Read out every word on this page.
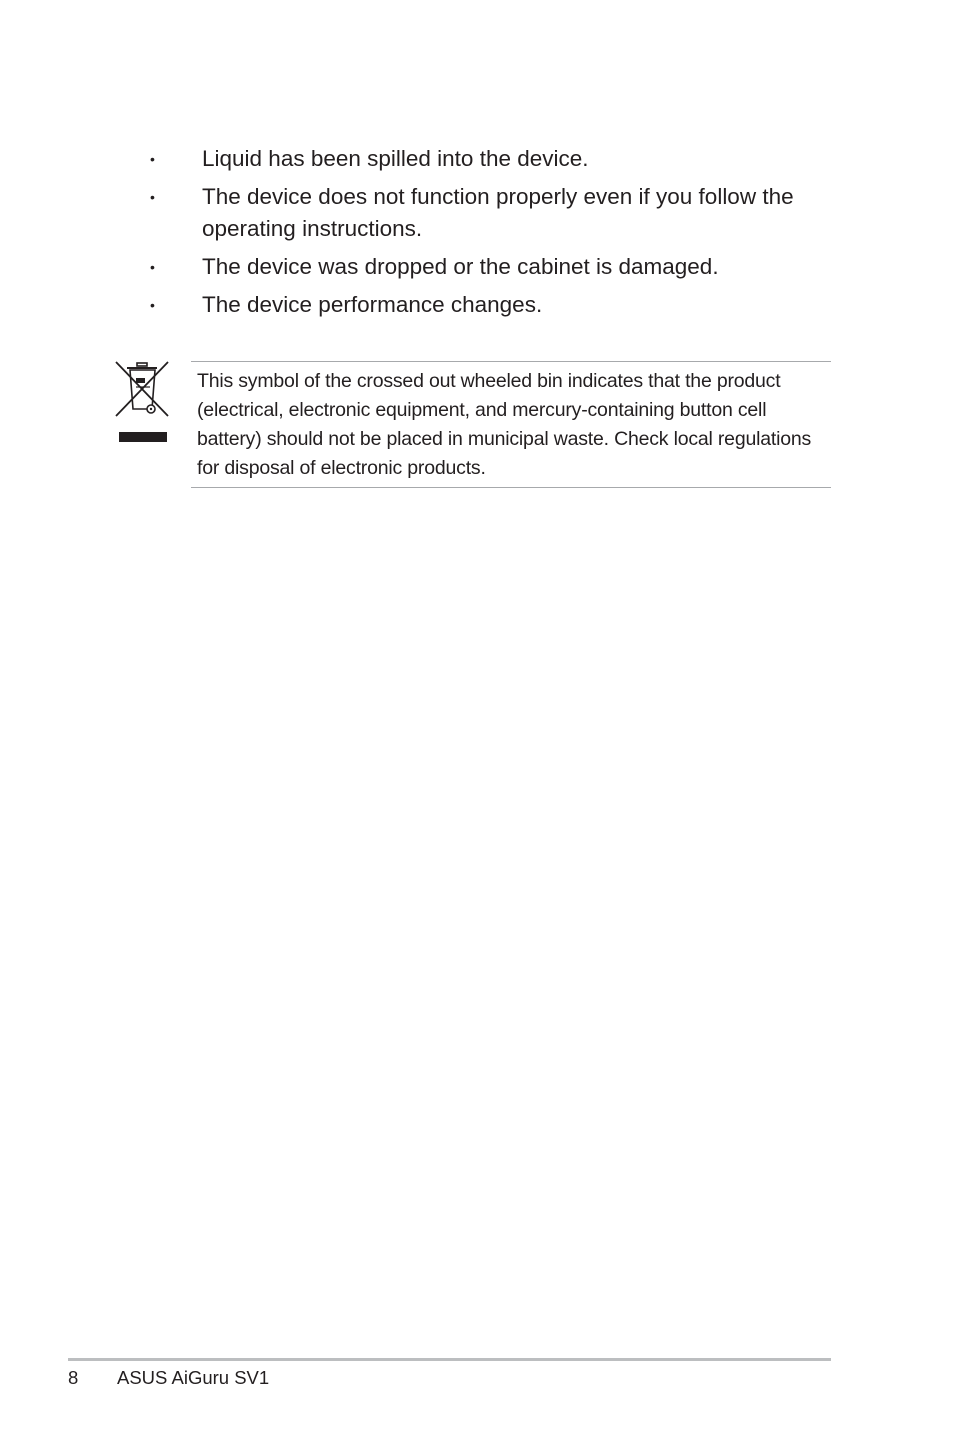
•	Liquid has been spilled into the device.
•	The device does not function properly even if you follow the operating instructions.
•	The device was dropped or the cabinet is damaged.
•	The device performance changes.

This symbol of the crossed out wheeled bin indicates that the product (electrical, electronic equipment, and mercury-containing button cell battery) should not be placed in municipal waste. Check local regulations for disposal of electronic products.

8 ASUS AiGuru SV1
